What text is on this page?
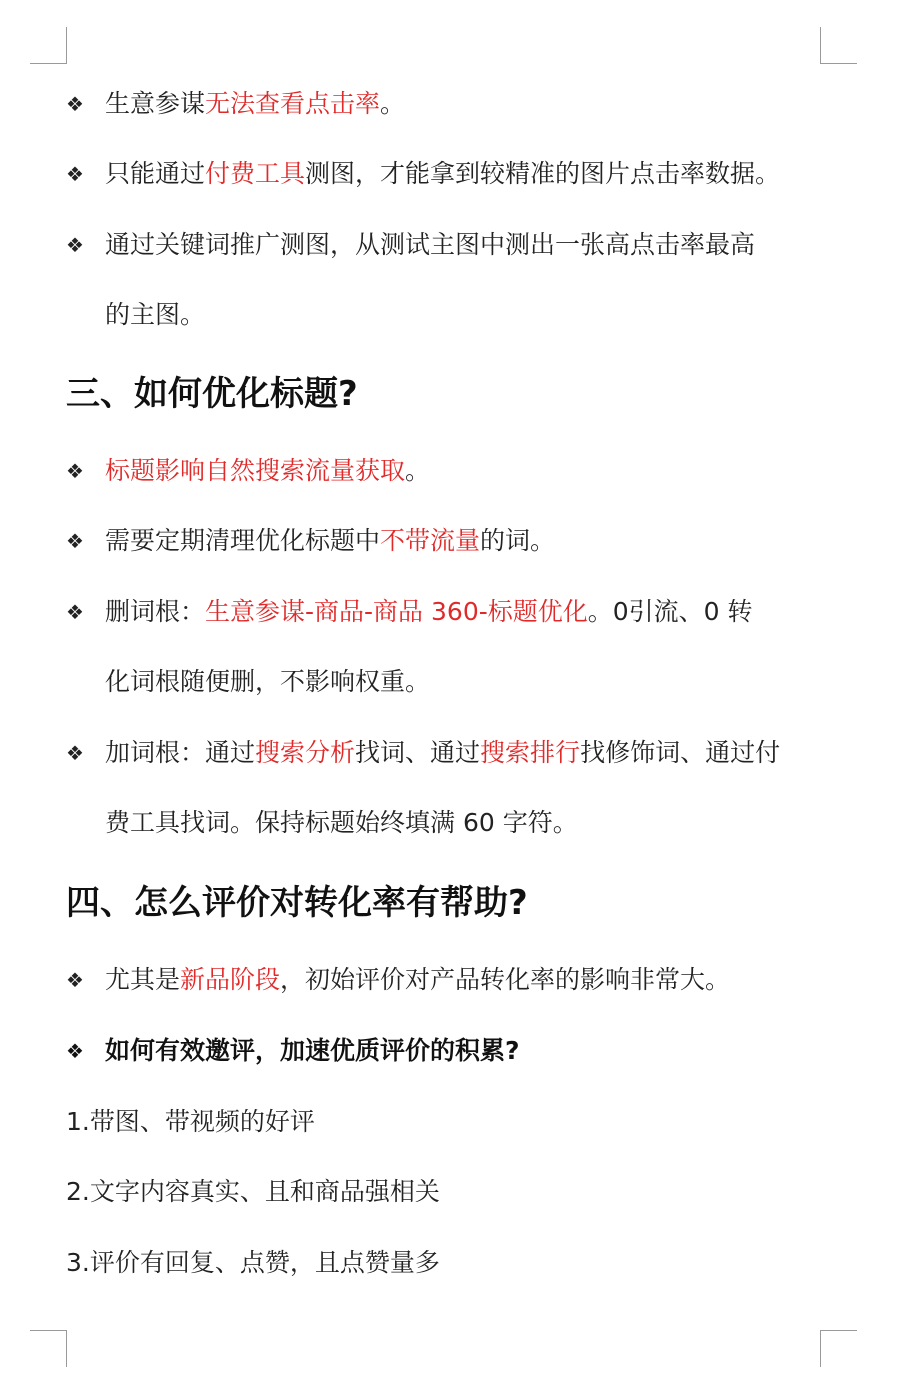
❖ 生意参谋无法查看点击率。
❖ 只能通过付费工具测图，才能拿到较精准的图片点击率数据。
❖ 通过关键词推广测图，从测试主图中测出一张高点击率最高
的主图。
三、如何优化标题?
❖ 标题影响自然搜索流量获取。
❖ 需要定期清理优化标题中不带流量的词。
❖ 删词根：生意参谋-商品-商品 360-标题优化。0引流、0 转
化词根随便删，不影响权重。
❖ 加词根：通过搜索分析找词、通过搜索排行找修饰词、通过付
费工具找词。保持标题始终填满 60 字符。
四、怎么评价对转化率有帮助?
❖ 尤其是新品阶段，初始评价对产品转化率的影响非常大。
❖ 如何有效邀评，加速优质评价的积累?
1.带图、带视频的好评
2.文字内容真实、且和商品强相关
3.评价有回复、点赞，且点赞量多
